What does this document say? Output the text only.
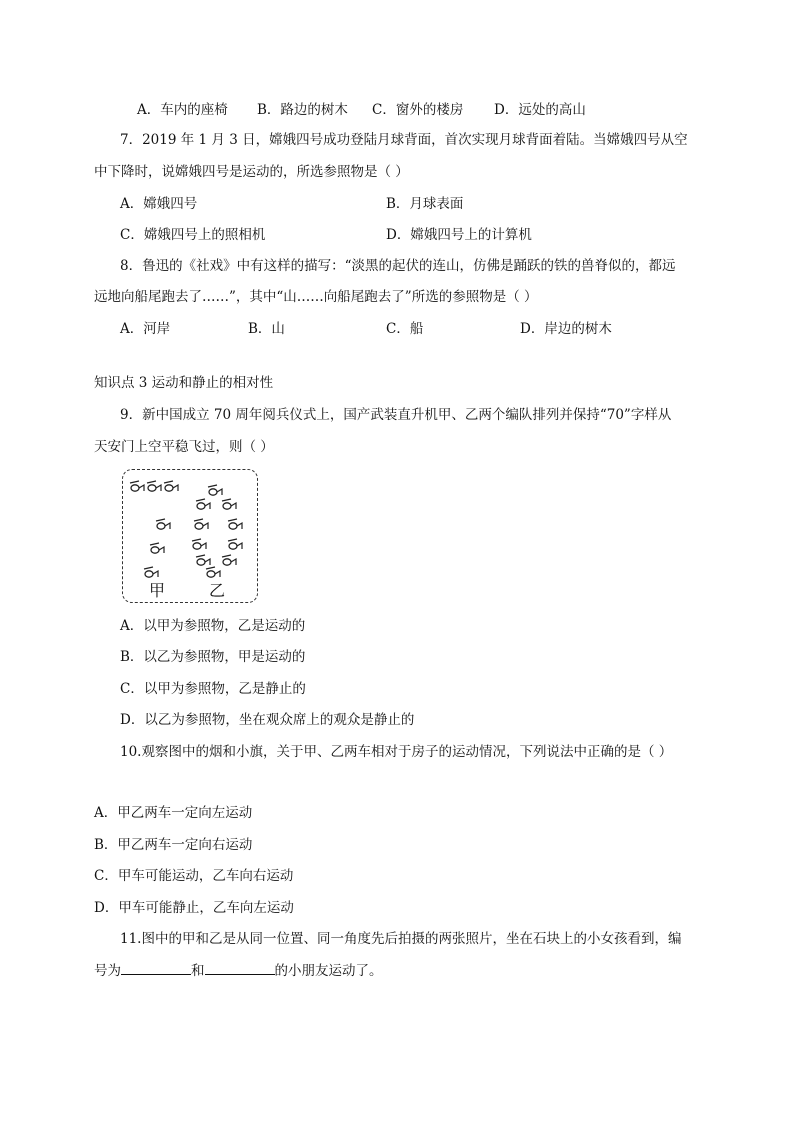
A．车内的座椅 B．路边的树木 C．窗外的楼房 D．远处的高山
7．2019 年 1 月 3 日，嫦娥四号成功登陆月球背面，首次实现月球背面着陆。当嫦娥四号从空
中下降时，说嫦娥四号是运动的，所选参照物是（ ）
A．嫦娥四号	B．月球表面
C．嫦娥四号上的照相机	D．嫦娥四号上的计算机
8．鲁迅的《社戏》中有这样的描写：“淡黑的起伏的连山，仿佛是踊跃的铁的兽脊似的，都远
远地向船尾跑去了……”，其中“山……向船尾跑去了”所选的参照物是（ ）
A．河岸	B．山	C．船	D．岸边的树木
知识点 3 运动和静止的相对性
9．新中国成立 70 周年阅兵仪式上，国产武装直升机甲、乙两个编队排列并保持“70”字样从
天安门上空平稳飞过，则（ ）
甲	乙
A．以甲为参照物，乙是运动的
B．以乙为参照物，甲是运动的
C．以甲为参照物，乙是静止的
D．以乙为参照物，坐在观众席上的观众是静止的
10.观察图中的烟和小旗，关于甲、乙两车相对于房子的运动情况，下列说法中正确的是（ ）
A．甲乙两车一定向左运动
B．甲乙两车一定向右运动
C．甲车可能运动，乙车向右运动
D．甲车可能静止，乙车向左运动
11.图中的甲和乙是从同一位置、同一角度先后拍摄的两张照片，坐在石块上的小女孩看到，编
号为	和	的小朋友运动了。
